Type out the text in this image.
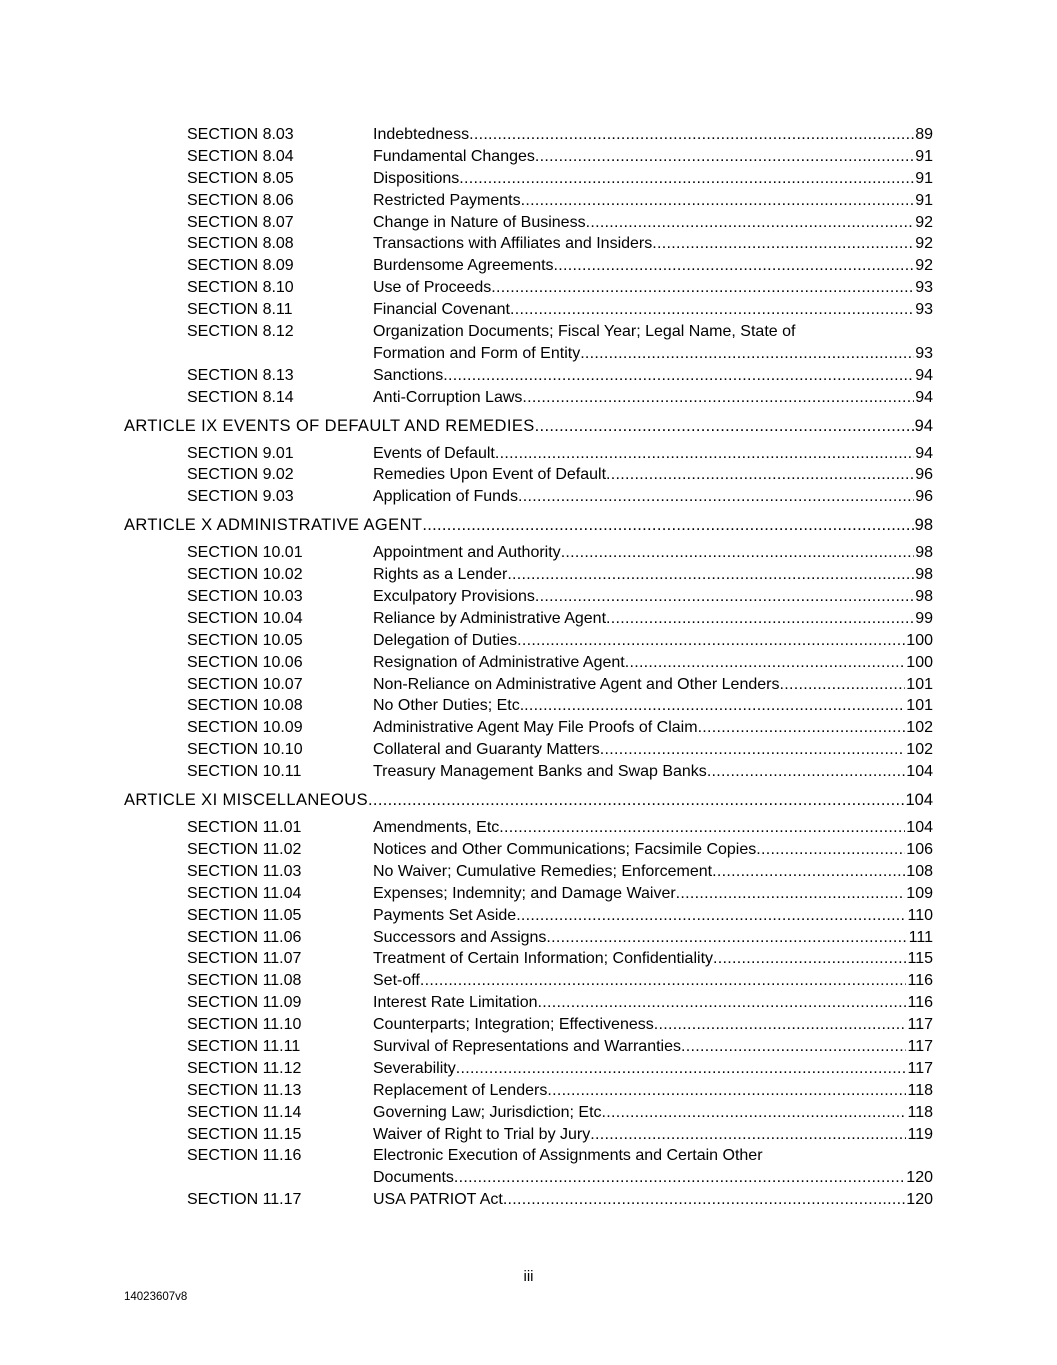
SECTION 8.03	Indebtedness .....	89
SECTION 8.04	Fundamental Changes .....	91
SECTION 8.05	Dispositions .....	91
SECTION 8.06	Restricted Payments .....	91
SECTION 8.07	Change in Nature of Business .....	92
SECTION 8.08	Transactions with Affiliates and Insiders .....	92
SECTION 8.09	Burdensome Agreements .....	92
SECTION 8.10	Use of Proceeds .....	93
SECTION 8.11	Financial Covenant .....	93
SECTION 8.12	Organization Documents; Fiscal Year; Legal Name, State of
Formation and Form of Entity .....	93
SECTION 8.13	Sanctions .....	94
SECTION 8.14	Anti-Corruption Laws .....	94
ARTICLE IX EVENTS OF DEFAULT AND REMEDIES .....	94
SECTION 9.01	Events of Default .....	94
SECTION 9.02	Remedies Upon Event of Default .....	96
SECTION 9.03	Application of Funds .....	96
ARTICLE X ADMINISTRATIVE AGENT .....	98
SECTION 10.01	Appointment and Authority .....	98
SECTION 10.02	Rights as a Lender .....	98
SECTION 10.03	Exculpatory Provisions .....	98
SECTION 10.04	Reliance by Administrative Agent .....	99
SECTION 10.05	Delegation of Duties .....	100
SECTION 10.06	Resignation of Administrative Agent .....	100
SECTION 10.07	Non-Reliance on Administrative Agent and Other Lenders .....	101
SECTION 10.08	No Other Duties; Etc. .....	101
SECTION 10.09	Administrative Agent May File Proofs of Claim .....	102
SECTION 10.10	Collateral and Guaranty Matters .....	102
SECTION 10.11	Treasury Management Banks and Swap Banks .....	104
ARTICLE XI MISCELLANEOUS .....	104
SECTION 11.01	Amendments, Etc .....	104
SECTION 11.02	Notices and Other Communications; Facsimile Copies .....	106
SECTION 11.03	No Waiver; Cumulative Remedies; Enforcement .....	108
SECTION 11.04	Expenses; Indemnity; and Damage Waiver .....	109
SECTION 11.05	Payments Set Aside .....	110
SECTION 11.06	Successors and Assigns .....	111
SECTION 11.07	Treatment of Certain Information; Confidentiality .....	115
SECTION 11.08	Set-off .....	116
SECTION 11.09	Interest Rate Limitation .....	116
SECTION 11.10	Counterparts; Integration; Effectiveness .....	117
SECTION 11.11	Survival of Representations and Warranties .....	117
SECTION 11.12	Severability .....	117
SECTION 11.13	Replacement of Lenders .....	118
SECTION 11.14	Governing Law; Jurisdiction; Etc .....	118
SECTION 11.15	Waiver of Right to Trial by Jury .....	119
SECTION 11.16	Electronic Execution of Assignments and Certain Other
Documents .....	120
SECTION 11.17	USA PATRIOT Act .....	120
iii
14023607v8
